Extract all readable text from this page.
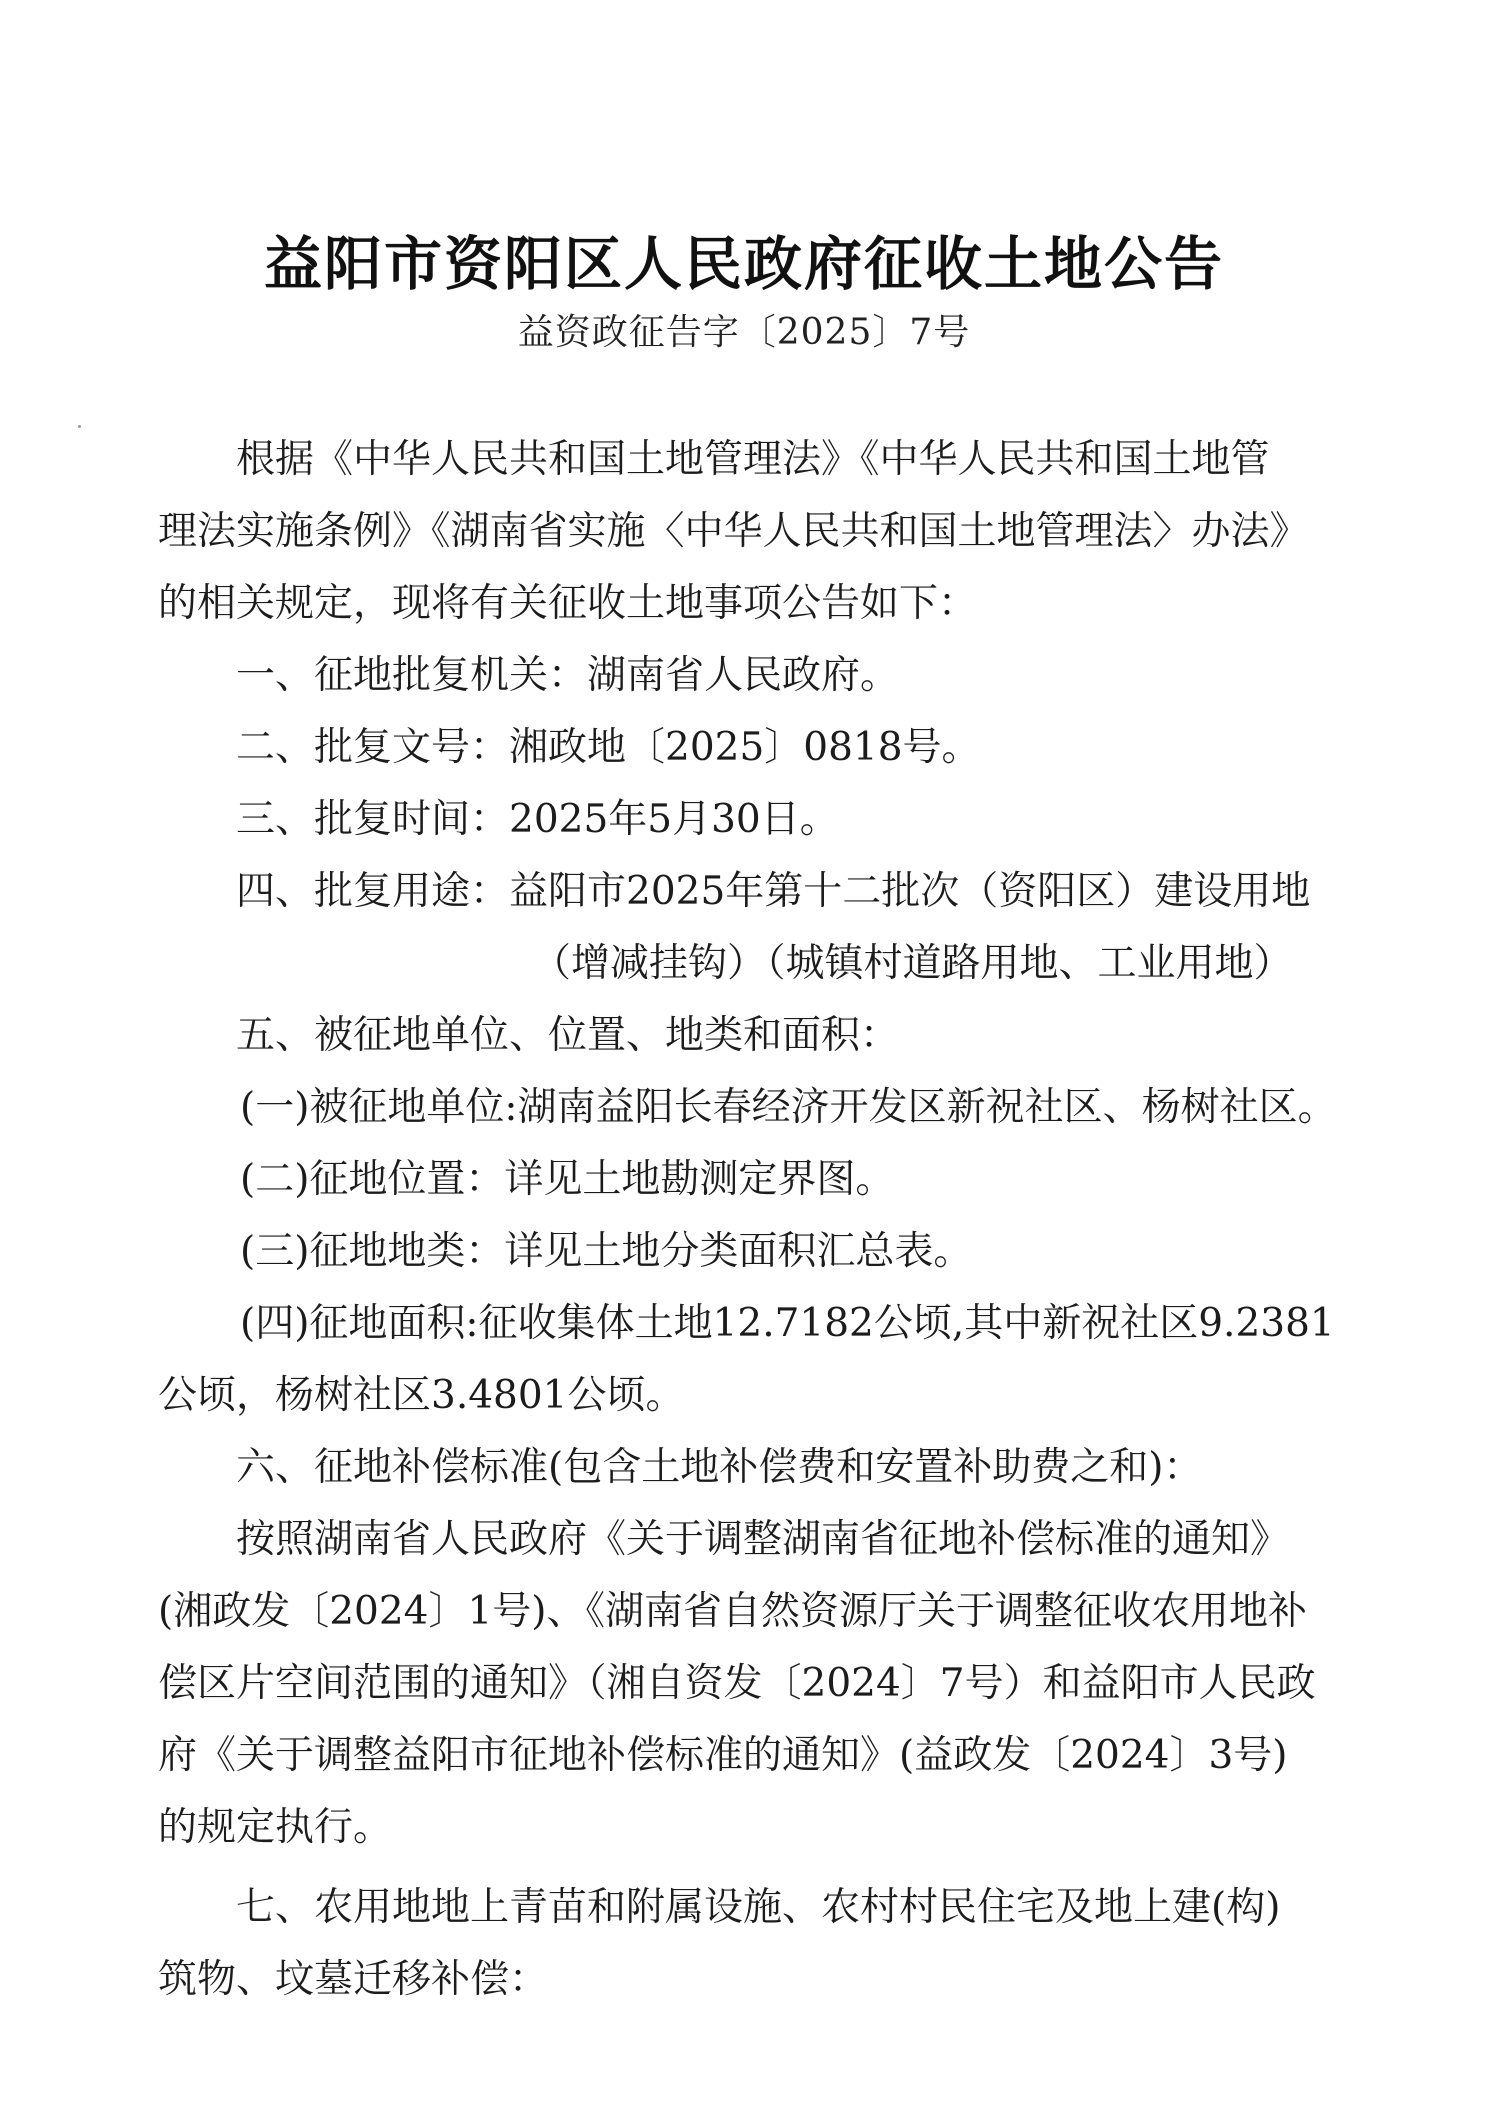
益阳市资阳区人民政府征收土地公告
益资政征告字〔2025〕7号
根据《中华人民共和国土地管理法》《中华人民共和国土地管
理法实施条例》《湖南省实施〈中华人民共和国土地管理法〉办法》
的相关规定，现将有关征收土地事项公告如下：
一、征地批复机关：湖南省人民政府。
二、批复文号：湘政地〔2025〕0818号。
三、批复时间：2025年5月30日。
四、批复用途：益阳市2025年第十二批次（资阳区）建设用地
（增减挂钩）（城镇村道路用地、工业用地）
五、被征地单位、位置、地类和面积：
(一)被征地单位:湖南益阳长春经济开发区新祝社区、杨树社区。
(二)征地位置：详见土地勘测定界图。
(三)征地地类：详见土地分类面积汇总表。
(四)征地面积:征收集体土地12.7182公顷,其中新祝社区9.2381
公顷，杨树社区3.4801公顷。
六、征地补偿标准(包含土地补偿费和安置补助费之和)：
按照湖南省人民政府《关于调整湖南省征地补偿标准的通知》
(湘政发〔2024〕1号)、《湖南省自然资源厅关于调整征收农用地补
偿区片空间范围的通知》（湘自资发〔2024〕7号）和益阳市人民政
府《关于调整益阳市征地补偿标准的通知》(益政发〔2024〕3号)
的规定执行。
七、农用地地上青苗和附属设施、农村村民住宅及地上建(构)
筑物、坟墓迁移补偿：
